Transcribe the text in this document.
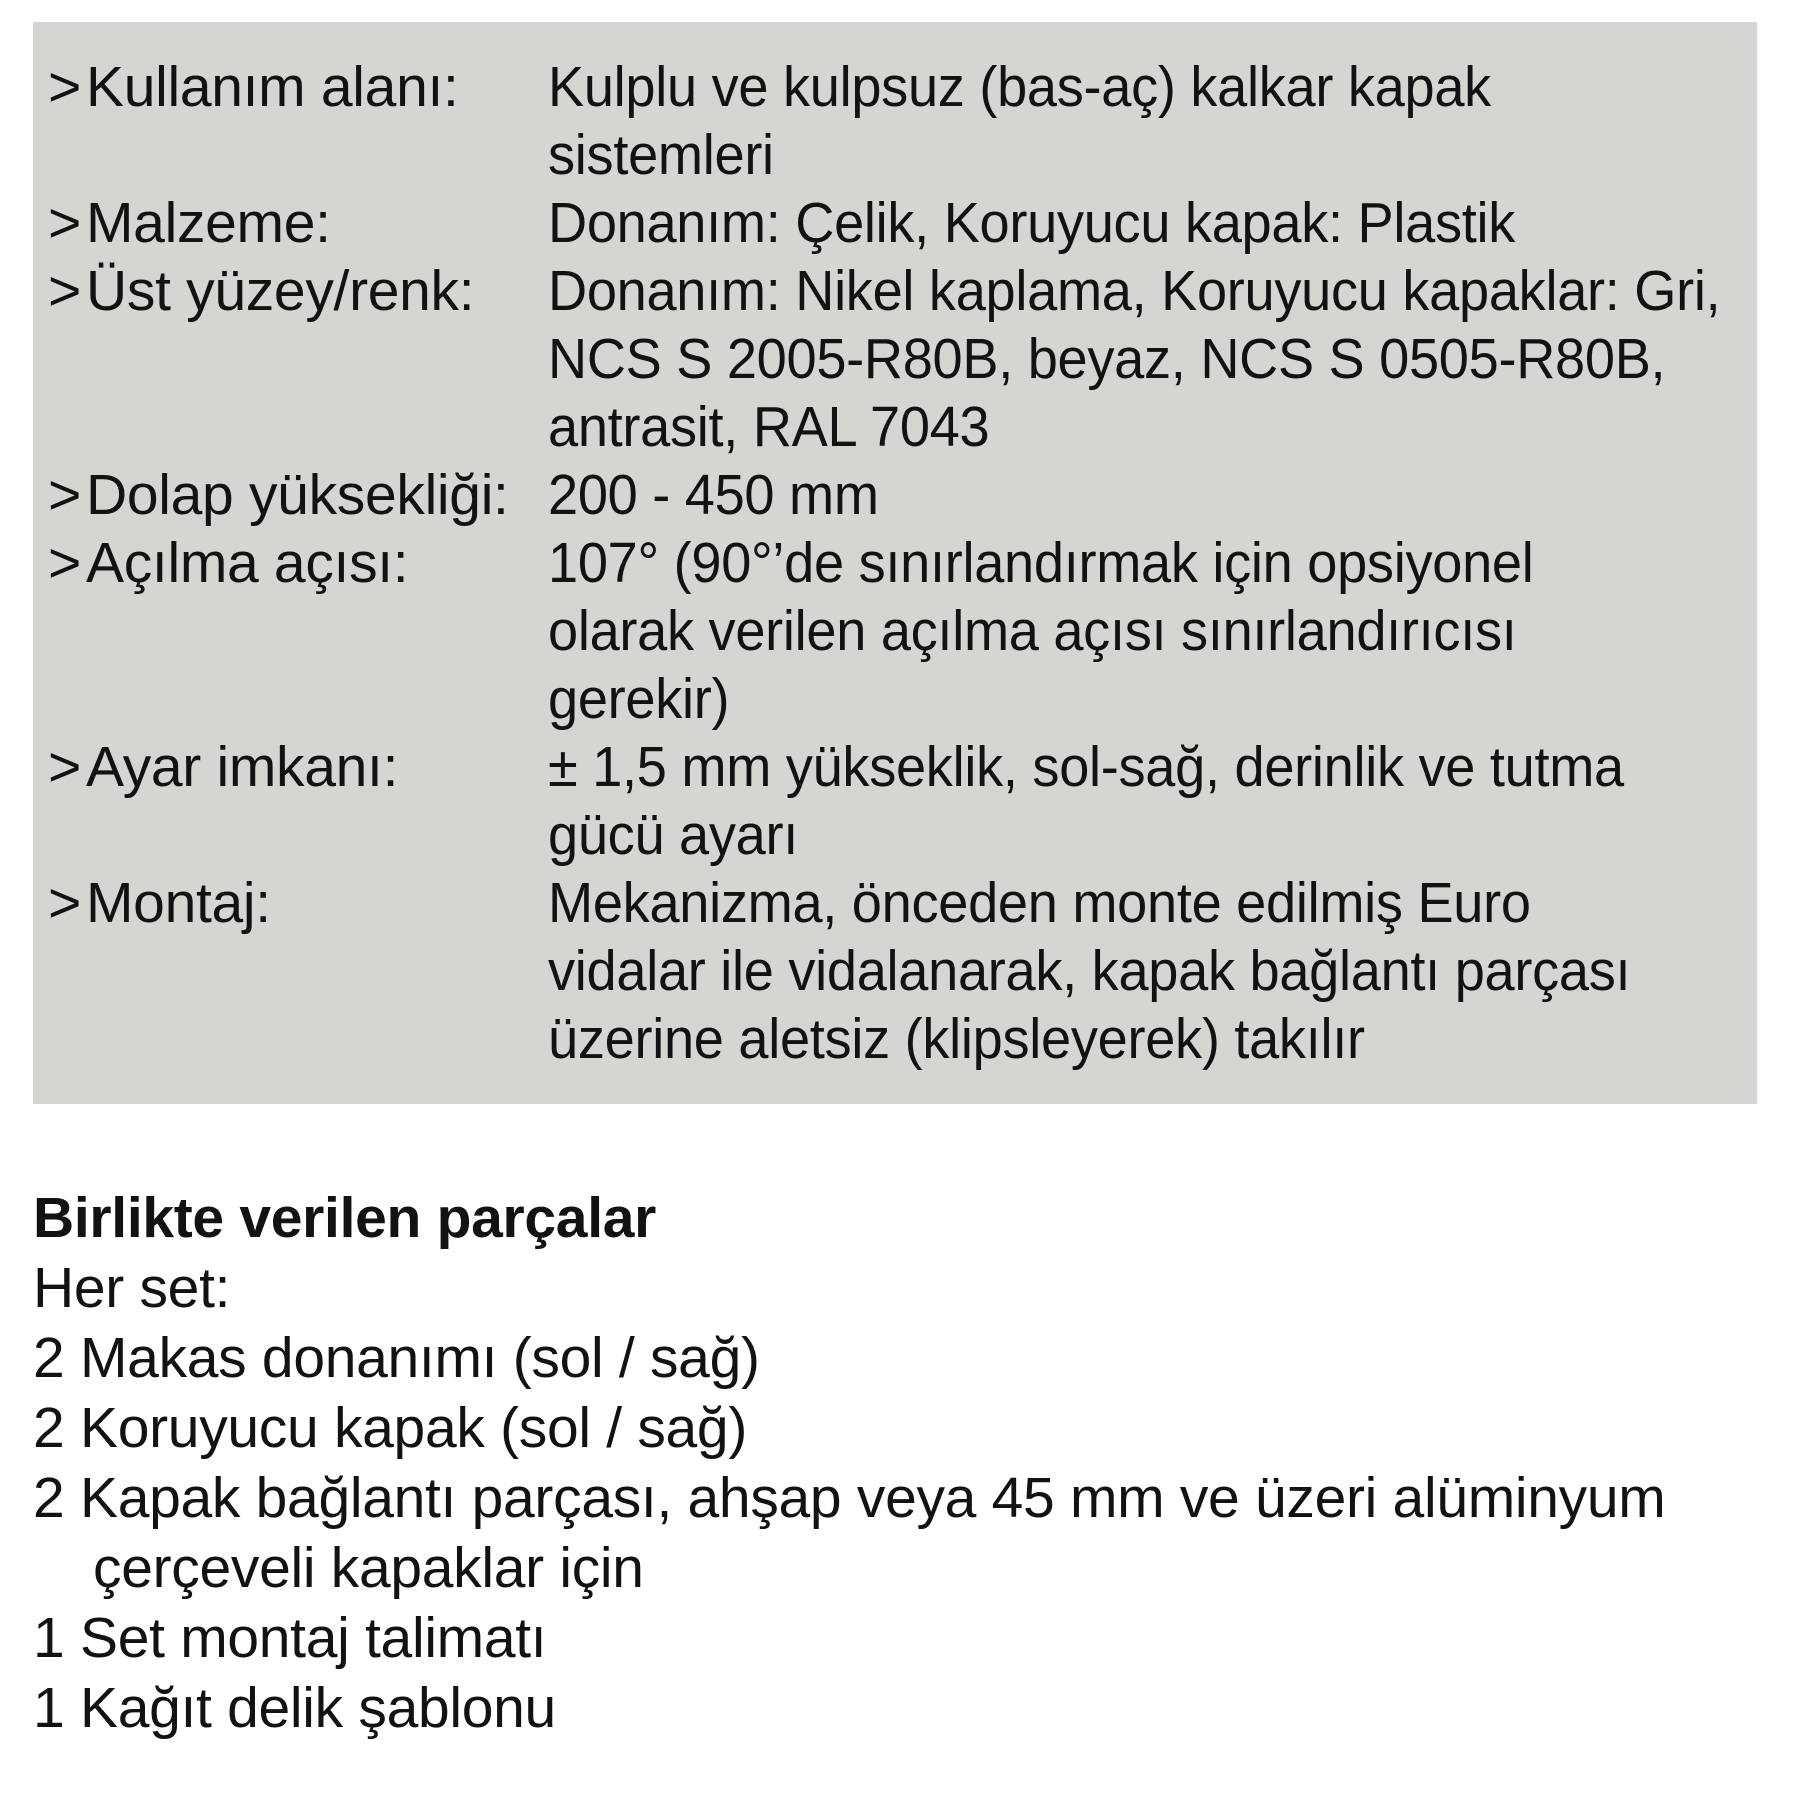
> Kullanım alanı: Kulplu ve kulpsuz (bas-aç) kalkar kapak
sistemleri
> Malzeme:	Donanım: Çelik, Koruyucu kapak: Plastik
> Üst yüzey/renk: Donanım: Nikel kaplama, Koruyucu kapaklar: Gri,
NCS S 2005-R80B, beyaz, NCS S 0505-R80B,
antrasit, RAL 7043
> Dolap yüksekliği: 200 - 450 mm
> Açılma açısı: 107° (90°’de sınırlandırmak için opsiyonel
olarak verilen açılma açısı sınırlandırıcısı
gerekir)
> Ayar imkanı:	± 1,5 mm yükseklik, sol-sağ, derinlik ve tutma
gücü ayarı
> Montaj:	Mekanizma, önceden monte edilmiş Euro
vidalar ile vidalanarak, kapak bağlantı parçası
üzerine aletsiz (klipsleyerek) takılır
Birlikte verilen parçalar
Her set:
2 Makas donanımı (sol / sağ)
2 Koruyucu kapak (sol / sağ)
2 Kapak bağlantı parçası, ahşap veya 45 mm ve üzeri alüminyum
çerçeveli kapaklar için
1 Set montaj talimatı
1 Kağıt delik şablonu
